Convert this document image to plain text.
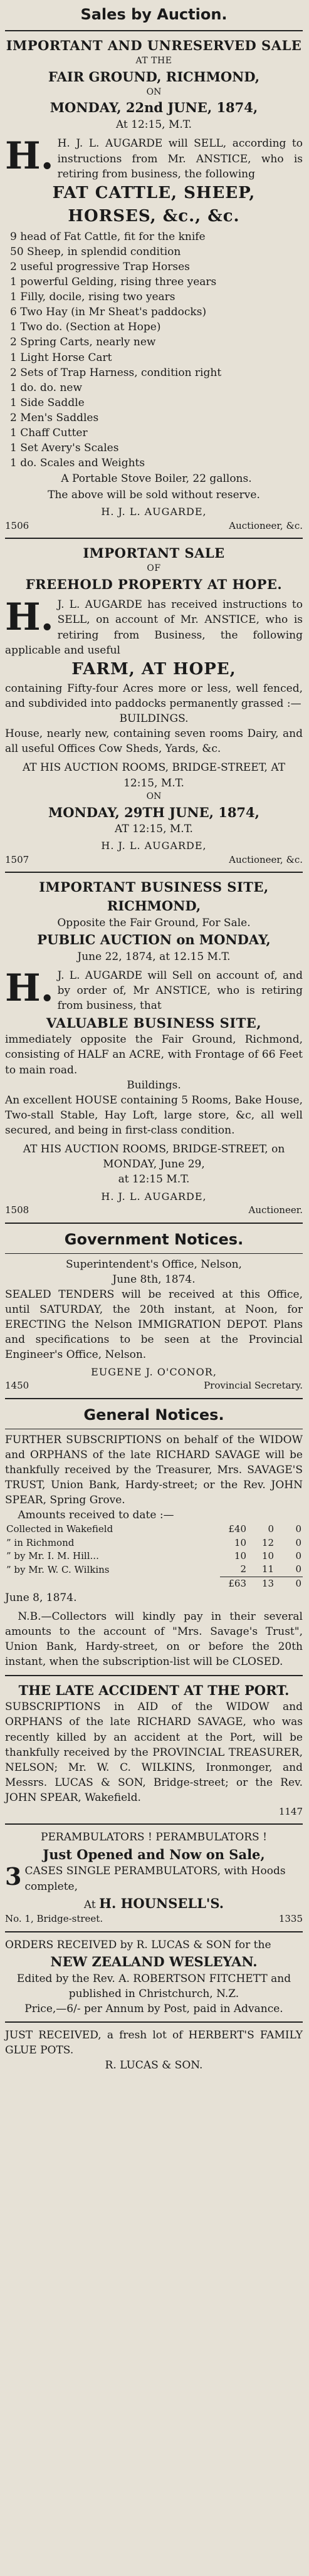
Sales by Auction.
IMPORTANT AND UNRESERVED SALE
AT THE
FAIR GROUND, RICHMOND,
ON
MONDAY, 22nd JUNE, 1874,
At 12:15, M.T.
H. H. J. L. AUGARDE will SELL, according to instructions from Mr. ANSTICE, who is retiring from business, the following
FAT CATTLE, SHEEP, HORSES, &c., &c.
9 head of Fat Cattle, fit for the knife
50 Sheep, in splendid condition
2 useful progressive Trap Horses
1 powerful Gelding, rising three years
1 Filly, docile, rising two years
6 Two Hay (in Mr Sheat's paddocks)
1 Two do. (Section at Hope)
2 Spring Carts, nearly new
1 Light Horse Cart
2 Sets of Trap Harness, condition right
1 do. do. new
1 Side Saddle
2 Men's Saddles
1 Chaff Cutter
1 Set Avery's Scales
1 do. Scales and Weights
A Portable Stove Boiler, 22 gallons.
The above will be sold without reserve.
H. J. L. AUGARDE,
1506	Auctioneer, &c.
IMPORTANT SALE
OF
FREEHOLD PROPERTY AT HOPE.
H. J. L. AUGARDE has received instructions to SELL, on account of Mr. ANSTICE, who is retiring from Business, the following applicable and useful
FARM, AT HOPE,
containing Fifty-four Acres more or less, well fenced, and subdivided into paddocks permanently grassed :—
BUILDINGS.
House, nearly new, containing seven rooms Dairy, and all useful Offices Cow Sheds, Yards, &c.
AT HIS AUCTION ROOMS, BRIDGE-STREET, AT 12:15, M.T.
ON
MONDAY, 29TH JUNE, 1874,
AT 12:15, M.T.
H. J. L. AUGARDE,
1507	Auctioneer, &c.
IMPORTANT BUSINESS SITE,
RICHMOND,
Opposite the Fair Ground, For Sale.
PUBLIC AUCTION on MONDAY,
June 22, 1874, at 12.15 M.T.
H. J. L. AUGARDE will Sell on account of, and by order of, Mr ANSTICE, who is retiring from business, that
VALUABLE BUSINESS SITE,
immediately opposite the Fair Ground, Richmond, consisting of HALF an ACRE, with Frontage of 66 Feet to main road.
Buildings.
An excellent HOUSE containing 5 Rooms, Bake House, Two-stall Stable, Hay Loft, large store, &c, all well secured, and being in first-class condition.
AT HIS AUCTION ROOMS, BRIDGE-STREET, on MONDAY, June 29,
at 12:15 M.T.
H. J. L. AUGARDE,
1508	Auctioneer.
Government Notices.
Superintendent's Office, Nelson,
June 8th, 1874.
SEALED TENDERS will be received at this Office, until SATURDAY, the 20th instant, at Noon, for ERECTING the Nelson IMMIGRATION DEPOT. Plans and specifications to be seen at the Provincial Engineer's Office, Nelson.
EUGENE J. O'CONOR,
1450	Provincial Secretary.
General Notices.
FURTHER SUBSCRIPTIONS on behalf of the WIDOW and ORPHANS of the late RICHARD SAVAGE will be thankfully received by the Treasurer, Mrs. SAVAGE'S TRUST, Union Bank, Hardy-street; or the Rev. JOHN SPEAR, Spring Grove.
Amounts received to date :—
Collected in Wakefield	£40	0	0
” in Richmond	10	12	0
” by Mr. I. M. Hill...	10	10	0
” by Mr. W. C. Wilkins	2	11	0
	£63	13	0
June 8, 1874.
N.B.—Collectors will kindly pay in their several amounts to the account of "Mrs. Savage's Trust", Union Bank, Hardy-street, on or before the 20th instant, when the subscription-list will be CLOSED.
THE LATE ACCIDENT AT THE PORT.
SUBSCRIPTIONS in AID of the WIDOW and ORPHANS of the late RICHARD SAVAGE, who was recently killed by an accident at the Port, will be thankfully received by the PROVINCIAL TREASURER, NELSON; Mr. W. C. WILKINS, Ironmonger, and Messrs. LUCAS & SON, Bridge-street; or the Rev. JOHN SPEAR, Wakefield.
1147
PERAMBULATORS ! PERAMBULATORS !
Just Opened and Now on Sale,
3 CASES SINGLE PERAMBULATORS, with Hoods complete,
At H. HOUNSELL'S.
No. 1, Bridge-street.	1335
ORDERS RECEIVED by R. LUCAS & SON for the
NEW ZEALAND WESLEYAN.
Edited by the Rev. A. ROBERTSON FITCHETT and published in Christchurch, N.Z.
Price,—6/- per Annum by Post, paid in Advance.
JUST RECEIVED, a fresh lot of HERBERT'S FAMILY GLUE POTS.
R. LUCAS & SON.
